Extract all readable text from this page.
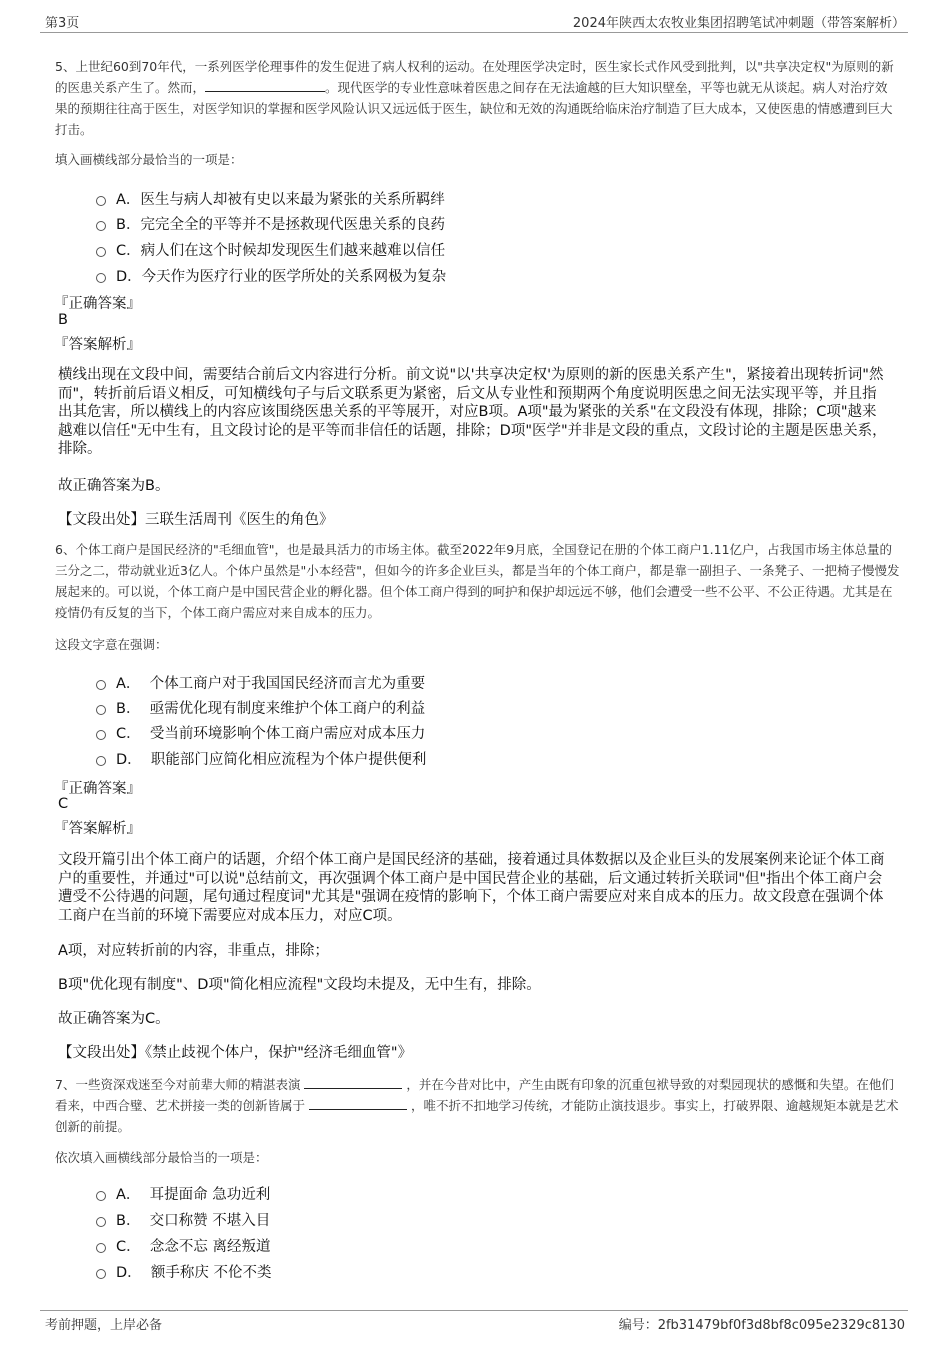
第3页	2024年陕西太农牧业集团招聘笔试冲刺题（带答案解析）
5、上世纪60到70年代，一系列医学伦理事件的发生促进了病人权利的运动。在处理医学决定时，医生家长式作风受到批判，以"共享决定权"为原则的新的医患关系产生了。然而，	。现代医学的专业性意味着医患之间存在无法逾越的巨大知识壁垒，平等也就无从谈起。病人对治疗效果的预期往往高于医生，对医学知识的掌握和医学风险认识又远远低于医生，缺位和无效的沟通既给临床治疗制造了巨大成本，又使医患的情感遭到巨大打击。
填入画横线部分最恰当的一项是：
A．医生与病人却被有史以来最为紧张的关系所羁绊
B．完完全全的平等并不是拯救现代医患关系的良药
C．病人们在这个时候却发现医生们越来越难以信任
D．今天作为医疗行业的医学所处的关系网极为复杂
『正确答案』
B
『答案解析』
横线出现在文段中间，需要结合前后文内容进行分析。前文说"以'共享决定权'为原则的新的医患关系产生"，紧接着出现转折词"然而"，转折前后语义相反，可知横线句子与后文联系更为紧密，后文从专业性和预期两个角度说明医患之间无法实现平等，并且指出其危害，所以横线上的内容应该围绕医患关系的平等展开，对应B项。A项"最为紧张的关系"在文段没有体现，排除；C项"越来越难以信任"无中生有，且文段讨论的是平等而非信任的话题，排除；D项"医学"并非是文段的重点，文段讨论的主题是医患关系，排除。
故正确答案为B。
【文段出处】三联生活周刊《医生的角色》
6、个体工商户是国民经济的"毛细血管"，也是最具活力的市场主体。截至2022年9月底，全国登记在册的个体工商户1.11亿户，占我国市场主体总量的三分之二，带动就业近3亿人。个体户虽然是"小本经营"，但如今的许多企业巨头，都是当年的个体工商户，都是靠一副担子、一条凳子、一把椅子慢慢发展起来的。可以说，个体工商户是中国民营企业的孵化器。但个体工商户得到的呵护和保护却远远不够，他们会遭受一些不公平、不公正待遇。尤其是在疫情仍有反复的当下，个体工商户需应对来自成本的压力。
这段文字意在强调：
A．  个体工商户对于我国国民经济而言尤为重要
B．  亟需优化现有制度来维护个体工商户的利益
C．  受当前环境影响个体工商户需应对成本压力
D．  职能部门应简化相应流程为个体户提供便利
『正确答案』
C
『答案解析』
文段开篇引出个体工商户的话题，介绍个体工商户是国民经济的基础，接着通过具体数据以及企业巨头的发展案例来论证个体工商户的重要性，并通过"可以说"总结前文，再次强调个体工商户是中国民营企业的基础，后文通过转折关联词"但"指出个体工商户会遭受不公待遇的问题，尾句通过程度词"尤其是"强调在疫情的影响下，个体工商户需要应对来自成本的压力。故文段意在强调个体工商户在当前的环境下需要应对成本压力，对应C项。
A项，对应转折前的内容，非重点，排除；
B项"优化现有制度"、D项"简化相应流程"文段均未提及，无中生有，排除。
故正确答案为C。
【文段出处】《禁止歧视个体户，保护"经济毛细血管"》
7、一些资深戏迷至今对前辈大师的精湛表演	，并在今昔对比中，产生由既有印象的沉重包袱导致的对梨园现状的感慨和失望。在他们看来，中西合璧、艺术拼接一类的创新皆属于	，唯不折不扣地学习传统，才能防止演技退步。事实上，打破界限、逾越规矩本就是艺术创新的前提。
依次填入画横线部分最恰当的一项是：
A．  耳提面命 急功近利
B．  交口称赞 不堪入目
C．  念念不忘 离经叛道
D．  额手称庆 不伦不类
考前押题，上岸必备	编号：2fb31479bf0f3d8bf8c095e2329c8130
